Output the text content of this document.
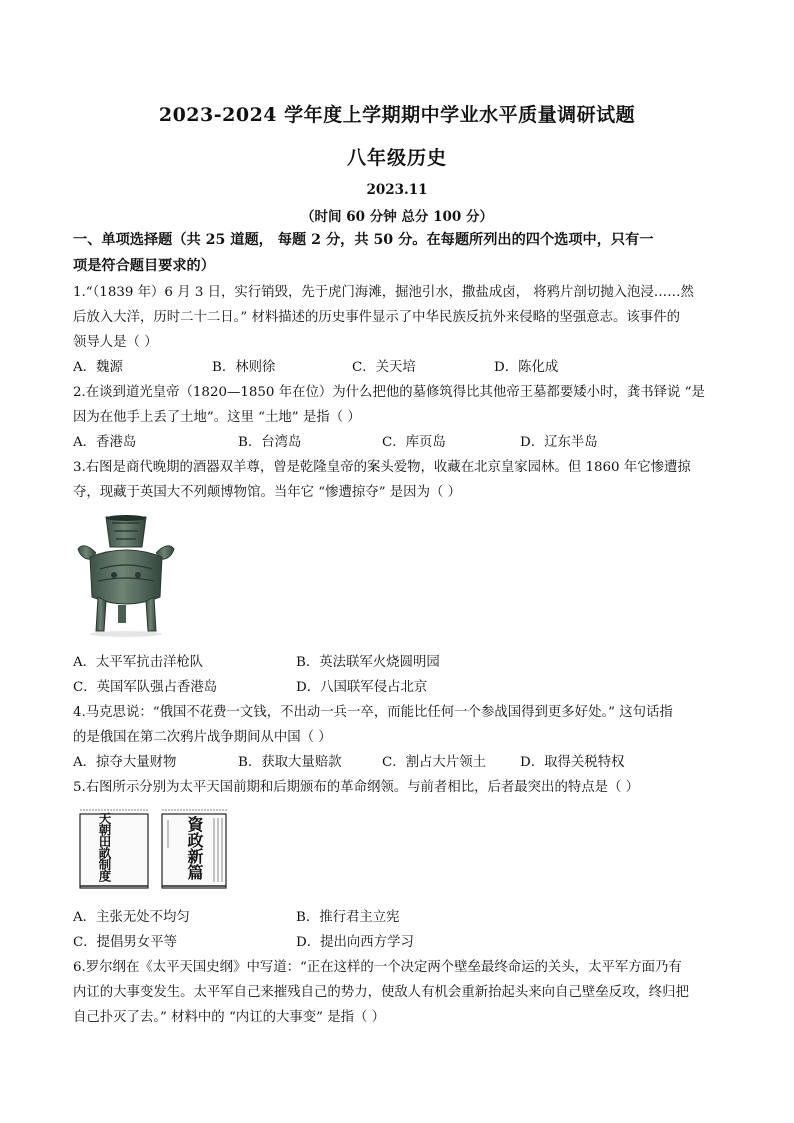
2023-2024 学年度上学期期中学业水平质量调研试题
八年级历史
2023.11
（时间 60 分钟 总分 100 分）
一、单项选择题（共 25 道题， 每题 2 分，共 50 分。在每题所列出的四个选项中，只有一
项是符合题目要求的）
1.“（1839 年）6 月 3 日，实行销毁，先于虎门海滩，掘池引水，撒盐成卤， 将鸦片剖切抛入泡浸……然
后放入大洋，历时二十二日。” 材料描述的历史事件显示了中华民族反抗外来侵略的坚强意志。该事件的
领导人是（ ）
A．魏源	B．林则徐	C．关天培	D．陈化成
2.在谈到道光皇帝（1820—1850 年在位）为什么把他的墓修筑得比其他帝王墓都要矮小时，龚书铎说 “是
因为在他手上丢了土地”。这里 “土地” 是指（ ）
A．香港岛	B．台湾岛	C．库页岛	D．辽东半岛
3.右图是商代晚期的酒器双羊尊，曾是乾隆皇帝的案头爱物，收藏在北京皇家园林。但 1860 年它惨遭掠
夺，现藏于英国大不列颠博物馆。当年它 “惨遭掠夺” 是因为（ ）
A．太平军抗击洋枪队	B．英法联军火烧圆明园
C．英国军队强占香港岛	D．八国联军侵占北京
4.马克思说：“俄国不花费一文钱，不出动一兵一卒，而能比任何一个参战国得到更多好处。” 这句话指
的是俄国在第二次鸦片战争期间从中国（ ）
A．掠夺大量财物	B．获取大量赔款	C．割占大片领土	D．取得关税特权
5.右图所示分别为太平天国前期和后期颁布的革命纲领。与前者相比，后者最突出的特点是（ ）
天朝田畝制度	資政新篇
A．主张无处不均匀	B．推行君主立宪
C．提倡男女平等	D．提出向西方学习
6.罗尔纲在《太平天国史纲》中写道：“正在这样的一个决定两个壁垒最终命运的关头，太平军方面乃有
内讧的大事变发生。太平军自己来摧残自己的势力，使敌人有机会重新抬起头来向自己壁垒反攻，终归把
自己扑灭了去。” 材料中的 “内讧的大事变” 是指（ ）
